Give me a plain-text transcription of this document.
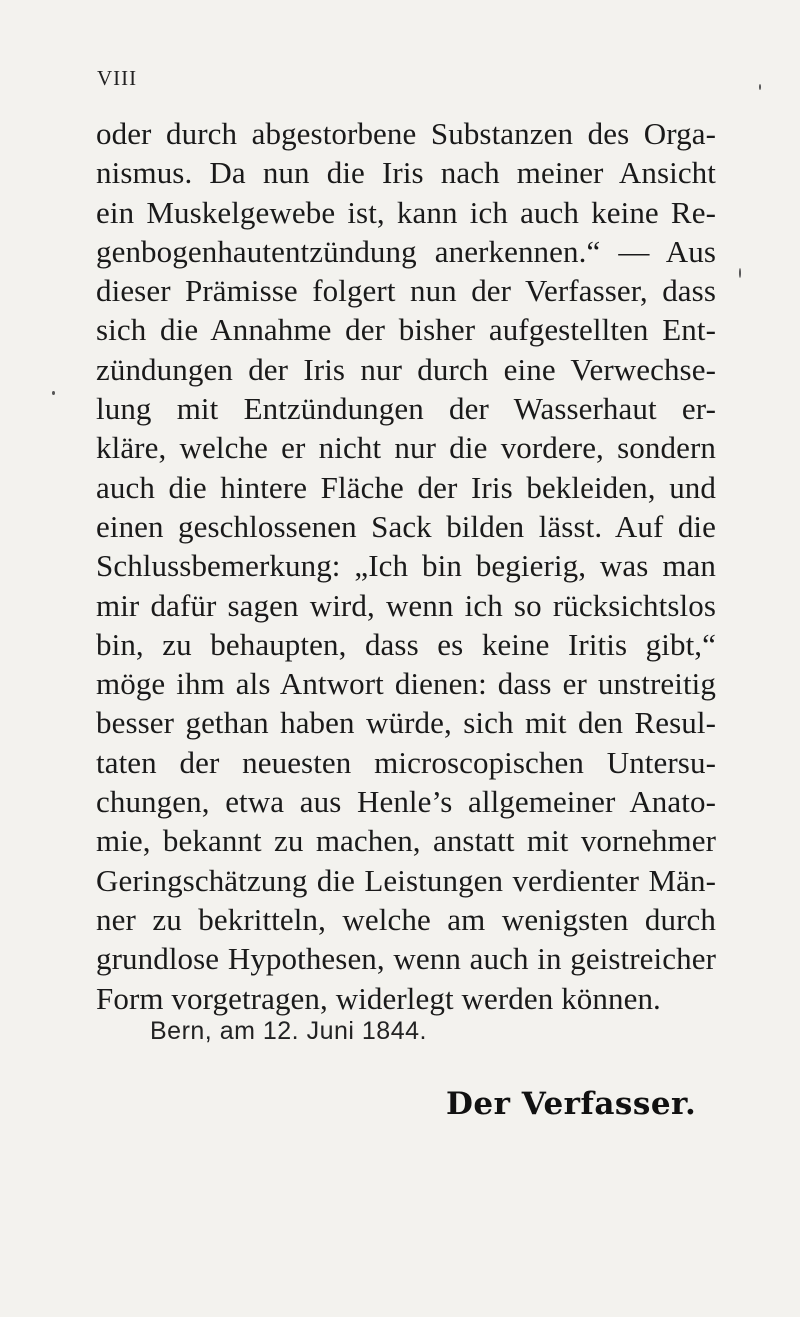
VIII
oder durch abgestorbene Substanzen des Orga-
nismus. Da nun die Iris nach meiner Ansicht
ein Muskelgewebe ist, kann ich auch keine Re-
genbogenhautentzündung anerkennen.“ — Aus
dieser Prämisse folgert nun der Verfasser, dass
sich die Annahme der bisher aufgestellten Ent-
zündungen der Iris nur durch eine Verwechse-
lung mit Entzündungen der Wasserhaut er-
kläre, welche er nicht nur die vordere, sondern
auch die hintere Fläche der Iris bekleiden, und
einen geschlossenen Sack bilden lässt. Auf die
Schlussbemerkung: „Ich bin begierig, was man
mir dafür sagen wird, wenn ich so rücksichtslos
bin, zu behaupten, dass es keine Iritis gibt,“
möge ihm als Antwort dienen: dass er unstreitig
besser gethan haben würde, sich mit den Resul-
taten der neuesten microscopischen Untersu-
chungen, etwa aus Henle’s allgemeiner Anato-
mie, bekannt zu machen, anstatt mit vornehmer
Geringschätzung die Leistungen verdienter Män-
ner zu bekritteln, welche am wenigsten durch
grundlose Hypothesen, wenn auch in geistreicher
Form vorgetragen, widerlegt werden können.
Bern, am 12. Juni 1844.
Der Verfasser.
